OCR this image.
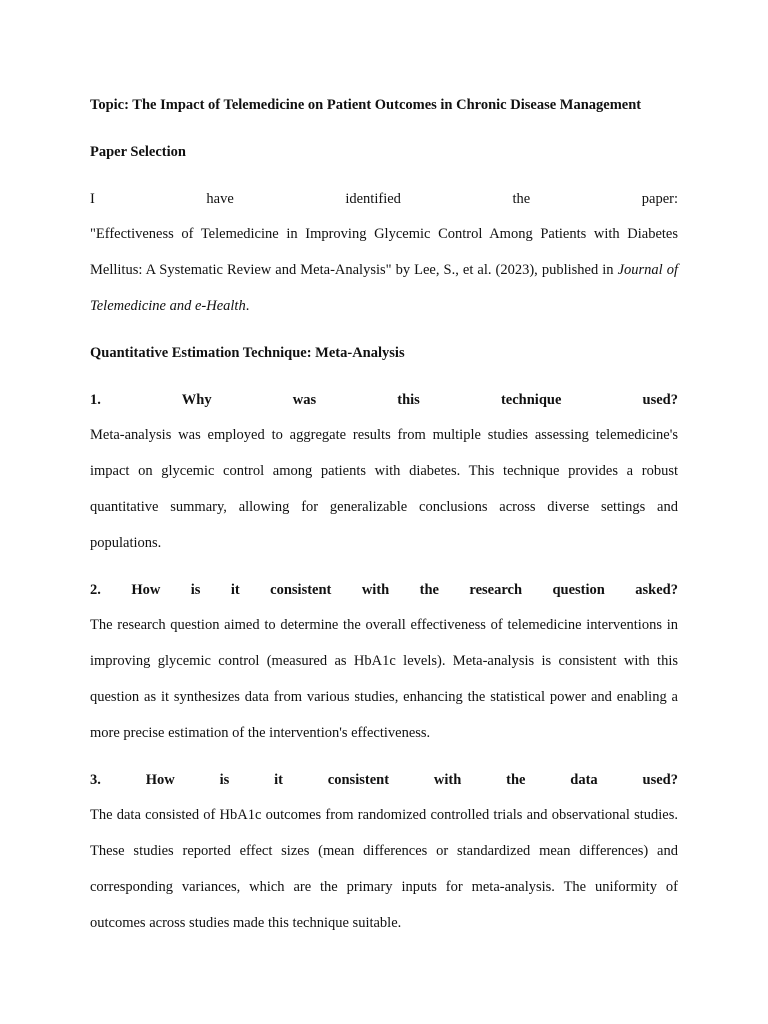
Topic: The Impact of Telemedicine on Patient Outcomes in Chronic Disease Management

Paper Selection

I have identified the paper:
"Effectiveness of Telemedicine in Improving Glycemic Control Among Patients with Diabetes Mellitus: A Systematic Review and Meta-Analysis" by Lee, S., et al. (2023), published in Journal of Telemedicine and e-Health.

Quantitative Estimation Technique: Meta-Analysis

1. Why was this technique used?

Meta-analysis was employed to aggregate results from multiple studies assessing telemedicine's impact on glycemic control among patients with diabetes. This technique provides a robust quantitative summary, allowing for generalizable conclusions across diverse settings and populations.

2. How is it consistent with the research question asked?

The research question aimed to determine the overall effectiveness of telemedicine interventions in improving glycemic control (measured as HbA1c levels). Meta-analysis is consistent with this question as it synthesizes data from various studies, enhancing the statistical power and enabling a more precise estimation of the intervention's effectiveness.

3. How is it consistent with the data used?

The data consisted of HbA1c outcomes from randomized controlled trials and observational studies. These studies reported effect sizes (mean differences or standardized mean differences) and corresponding variances, which are the primary inputs for meta-analysis. The uniformity of outcomes across studies made this technique suitable.
